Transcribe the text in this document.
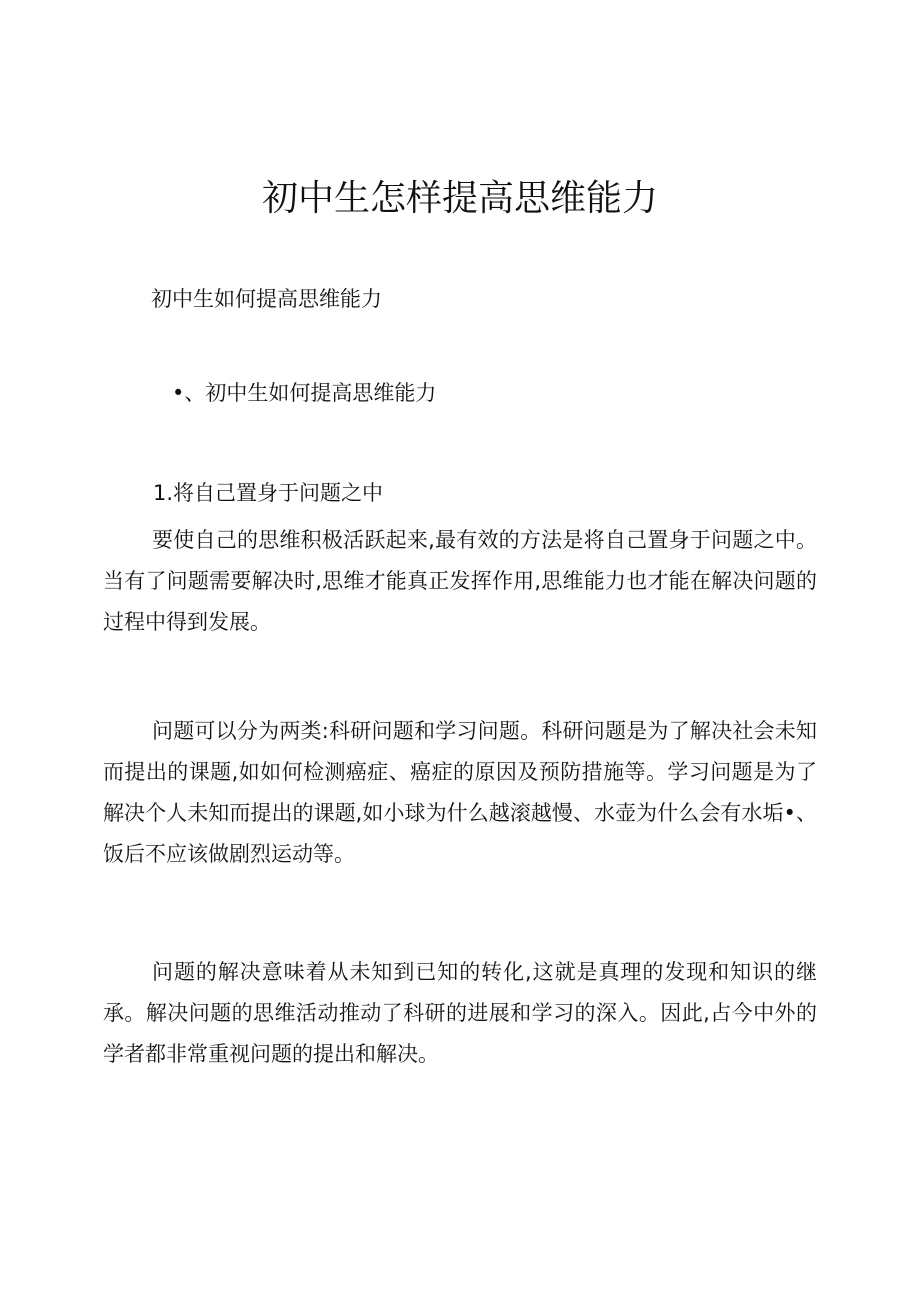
初中生怎样提高思维能力
初中生如何提高思维能力
•、初中生如何提高思维能力
1.将自己置身于问题之中
要使自己的思维积极活跃起来,最有效的方法是将自己置身于问题之中。当有了问题需要解决时,思维才能真正发挥作用,思维能力也才能在解决问题的过程中得到发展。
问题可以分为两类:科研问题和学习问题。科研问题是为了解决社会未知而提出的课题,如如何检测癌症、癌症的原因及预防措施等。学习问题是为了解决个人未知而提出的课题,如小球为什么越滚越慢、水壶为什么会有水垢•、饭后不应该做剧烈运动等。
问题的解决意味着从未知到已知的转化,这就是真理的发现和知识的继承。解决问题的思维活动推动了科研的进展和学习的深入。因此,占今中外的学者都非常重视问题的提出和解决。
